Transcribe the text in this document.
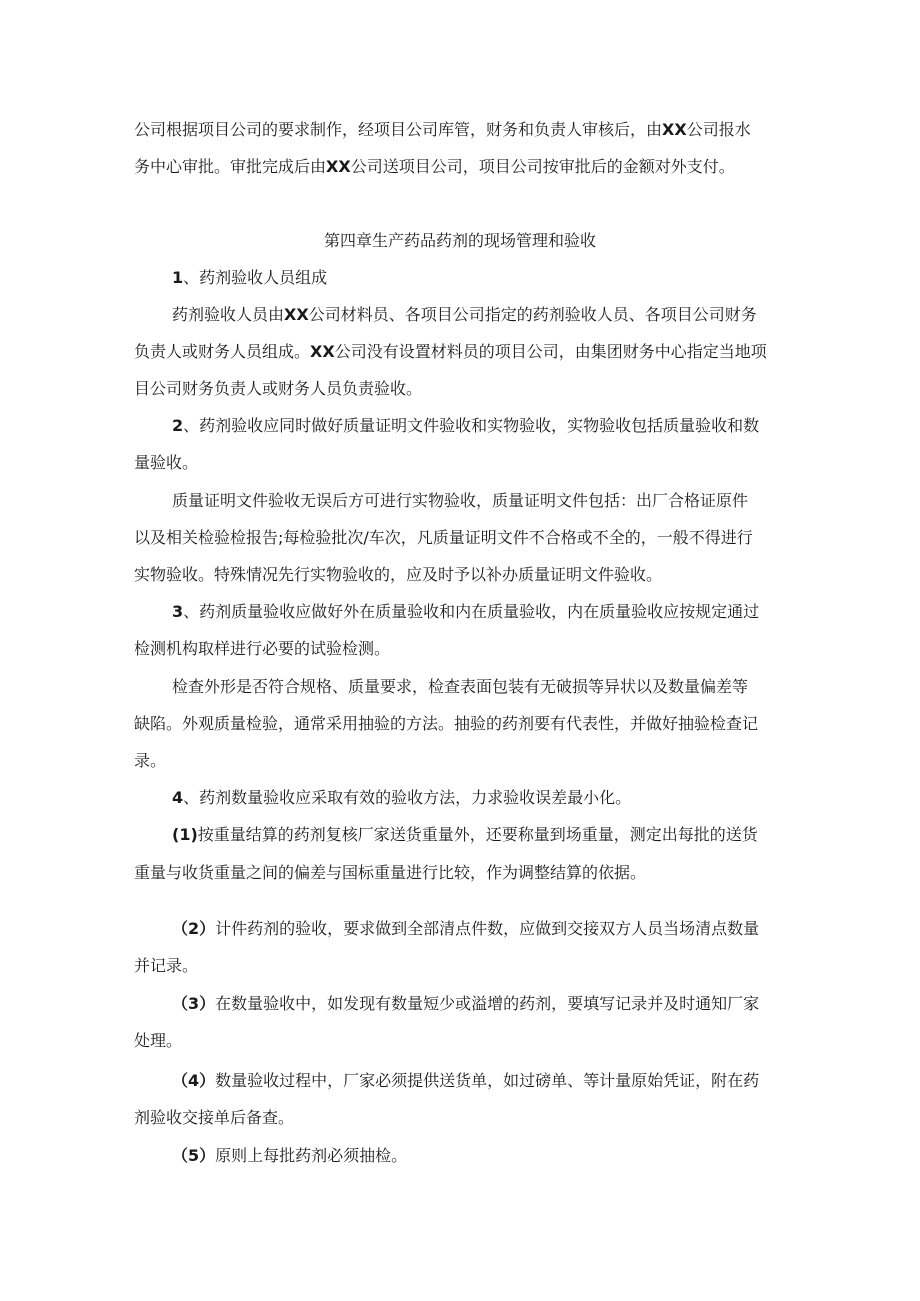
公司根据项目公司的要求制作，经项目公司库管，财务和负责人审核后，由XX公司报水
务中心审批。审批完成后由XX公司送项目公司，项目公司按审批后的金额对外支付。
第四章生产药品药剂的现场管理和验收
1、药剂验收人员组成
药剂验收人员由XX公司材料员、各项目公司指定的药剂验收人员、各项目公司财务
负责人或财务人员组成。XX公司没有设置材料员的项目公司，由集团财务中心指定当地项
目公司财务负责人或财务人员负责验收。
2、药剂验收应同时做好质量证明文件验收和实物验收，实物验收包括质量验收和数
量验收。
质量证明文件验收无误后方可进行实物验收，质量证明文件包括：出厂合格证原件
以及相关检验检报告;每检验批次/车次，凡质量证明文件不合格或不全的，一般不得进行
实物验收。特殊情况先行实物验收的，应及时予以补办质量证明文件验收。
3、药剂质量验收应做好外在质量验收和内在质量验收，内在质量验收应按规定通过
检测机构取样进行必要的试验检测。
检查外形是否符合规格、质量要求，检查表面包装有无破损等异状以及数量偏差等
缺陷。外观质量检验，通常采用抽验的方法。抽验的药剂要有代表性，并做好抽验检查记
录。
4、药剂数量验收应采取有效的验收方法，力求验收误差最小化。
(1)按重量结算的药剂复核厂家送货重量外，还要称量到场重量，测定出每批的送货
重量与收货重量之间的偏差与国标重量进行比较，作为调整结算的依据。
（2）计件药剂的验收，要求做到全部清点件数，应做到交接双方人员当场清点数量
并记录。
（3）在数量验收中，如发现有数量短少或溢增的药剂，要填写记录并及时通知厂家
处理。
（4）数量验收过程中，厂家必须提供送货单，如过磅单、等计量原始凭证，附在药
剂验收交接单后备查。
（5）原则上每批药剂必须抽检。
